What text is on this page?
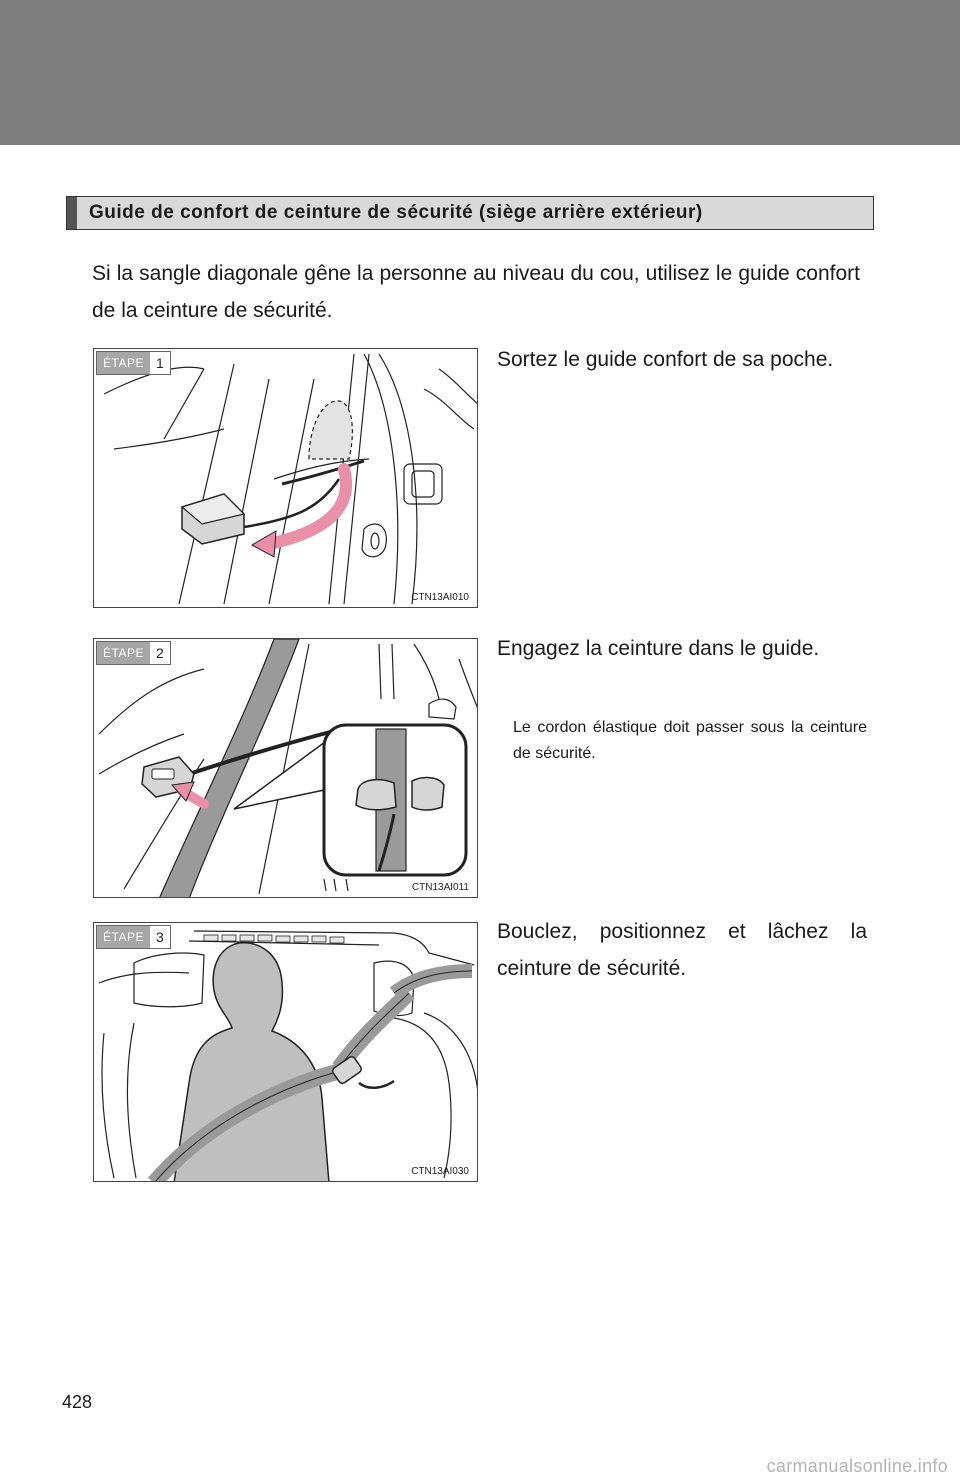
Guide de confort de ceinture de sécurité (siège arrière extérieur)

Si la sangle diagonale gêne la personne au niveau du cou, utilisez le guide confort de la ceinture de sécurité.

ÉTAPE 1
CTN13AI010

Sortez le guide confort de sa poche.

ÉTAPE 2
CTN13AI011

Engagez la ceinture dans le guide.

Le cordon élastique doit passer sous la ceinture de sécurité.

ÉTAPE 3
CTN13AI030

Bouclez, positionnez et lâchez la ceinture de sécurité.

428
carmanualsonline.info
